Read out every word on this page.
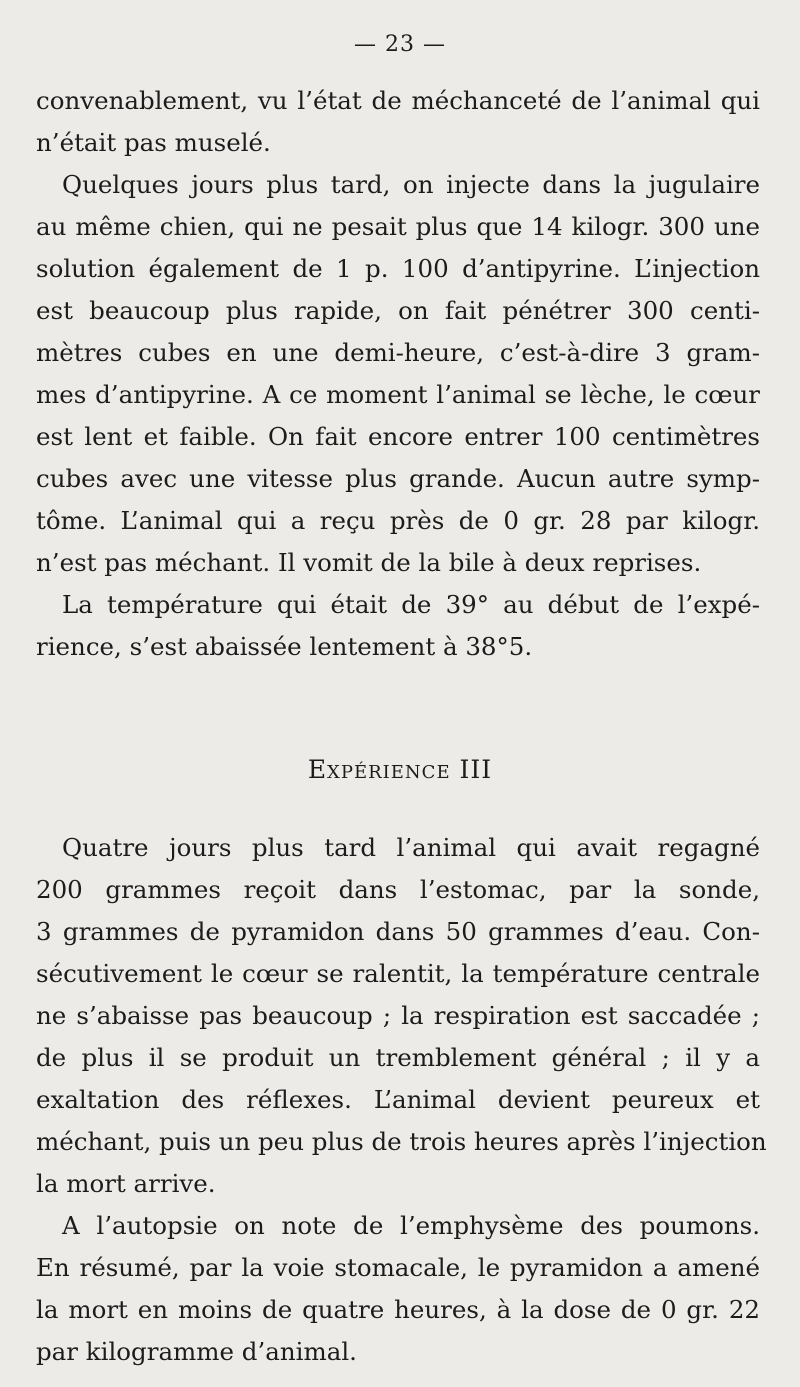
— 23 —
convenablement, vu l’état de méchanceté de l’animal qui
n’était pas muselé.
Quelques jours plus tard, on injecte dans la jugulaire
au même chien, qui ne pesait plus que 14 kilogr. 300 une
solution également de 1 p. 100 d’antipyrine. L’injection
est beaucoup plus rapide, on fait pénétrer 300 centi-
mètres cubes en une demi-heure, c’est-à-dire 3 gram-
mes d’antipyrine. A ce moment l’animal se lèche, le cœur
est lent et faible. On fait encore entrer 100 centimètres
cubes avec une vitesse plus grande. Aucun autre symp-
tôme. L’animal qui a reçu près de 0 gr. 28 par kilogr.
n’est pas méchant. Il vomit de la bile à deux reprises.
La température qui était de 39° au début de l’expé-
rience, s’est abaissée lentement à 38°5.
Expérience III
Quatre jours plus tard l’animal qui avait regagné
200 grammes reçoit dans l’estomac, par la sonde,
3 grammes de pyramidon dans 50 grammes d’eau. Con-
sécutivement le cœur se ralentit, la température centrale
ne s’abaisse pas beaucoup ; la respiration est saccadée ;
de plus il se produit un tremblement général ; il y a
exaltation des réflexes. L’animal devient peureux et
méchant, puis un peu plus de trois heures après l’injection
la mort arrive.
A l’autopsie on note de l’emphysème des poumons.
En résumé, par la voie stomacale, le pyramidon a amené
la mort en moins de quatre heures, à la dose de 0 gr. 22
par kilogramme d’animal.
